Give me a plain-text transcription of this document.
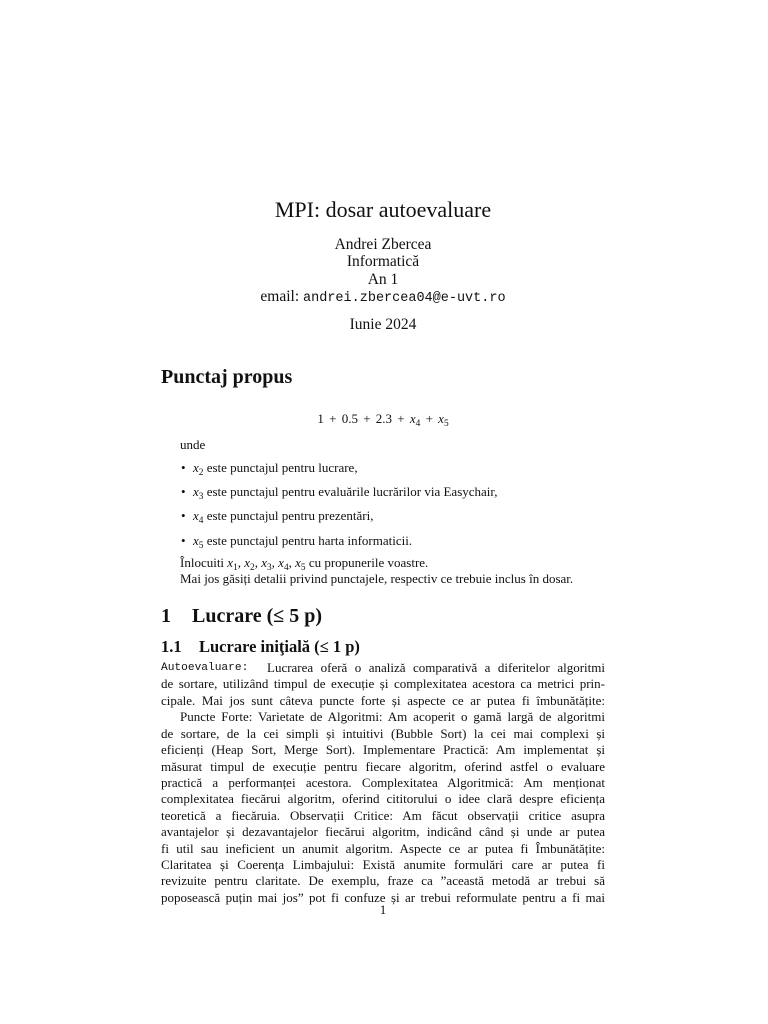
MPI: dosar autoevaluare
Andrei Zbercea
Informatică
An 1
email: andrei.zbercea04@e-uvt.ro
Iunie 2024
Punctaj propus
$1 + 0.5 + 2.3 + x_4 + x_5$
unde
• $x_2$ este punctajul pentru lucrare,
• $x_3$ este punctajul pentru evaluările lucrărilor via Easychair,
• $x_4$ este punctajul pentru prezentări,
• $x_5$ este punctajul pentru harta informaticii.
Înlocuiti $x_1$, $x_2$, $x_3$, $x_4$, $x_5$ cu propunerile voastre.
Mai jos găsiți detalii privind punctajele, respectiv ce trebuie inclus în dosar.
1 Lucrare (≤ 5 p)
1.1 Lucrare iniţială (≤ 1 p)
Autoevaluare:	Lucrarea oferă o analiză comparativă a diferitelor algoritmi
de sortare, utilizând timpul de execuție și complexitatea acestora ca metrici prin-
cipale. Mai jos sunt câteva puncte forte și aspecte ce ar putea fi îmbunătățite:
Puncte Forte: Varietate de Algoritmi: Am acoperit o gamă largă de algoritmi
de sortare, de la cei simpli și intuitivi (Bubble Sort) la cei mai complexi și
eficienți (Heap Sort, Merge Sort). Implementare Practică: Am implementat și
măsurat timpul de execuție pentru fiecare algoritm, oferind astfel o evaluare
practică a performanței acestora. Complexitatea Algoritmică: Am menționat
complexitatea fiecărui algoritm, oferind cititorului o idee clară despre eficiența
teoretică a fiecăruia. Observații Critice: Am făcut observații critice asupra
avantajelor și dezavantajelor fiecărui algoritm, indicând când și unde ar putea
fi util sau ineficient un anumit algoritm. Aspecte ce ar putea fi Îmbunătățite:
Claritatea și Coerența Limbajului: Există anumite formulări care ar putea fi
revizuite pentru claritate. De exemplu, fraze ca ”această metodă ar trebui să
poposească puțin mai jos” pot fi confuze și ar trebui reformulate pentru a fi mai
1
